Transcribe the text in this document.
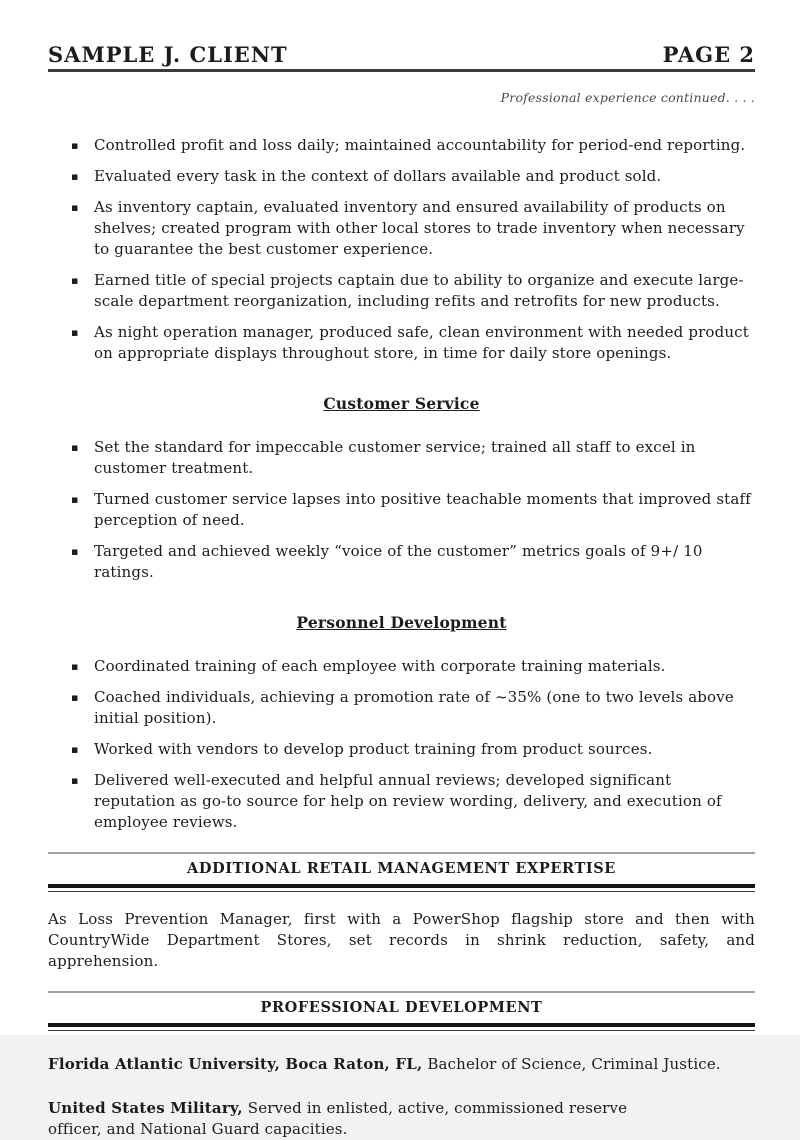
SAMPLE J. CLIENT	PAGE 2
Professional experience continued. . . .
▪ Controlled profit and loss daily; maintained accountability for period-end reporting.
▪ Evaluated every task in the context of dollars available and product sold.
▪ As inventory captain, evaluated inventory and ensured availability of products on shelves; created program with other local stores to trade inventory when necessary to guarantee the best customer experience.
▪ Earned title of special projects captain due to ability to organize and execute large-scale department reorganization, including refits and retrofits for new products.
▪ As night operation manager, produced safe, clean environment with needed product on appropriate displays throughout store, in time for daily store openings.
Customer Service
▪ Set the standard for impeccable customer service; trained all staff to excel in customer treatment.
▪ Turned customer service lapses into positive teachable moments that improved staff perception of need.
▪ Targeted and achieved weekly “voice of the customer” metrics goals of 9+/ 10 ratings.
Personnel Development
▪ Coordinated training of each employee with corporate training materials.
▪ Coached individuals, achieving a promotion rate of ~35% (one to two levels above initial position).
▪ Worked with vendors to develop product training from product sources.
▪ Delivered well-executed and helpful annual reviews; developed significant reputation as go-to source for help on review wording, delivery, and execution of employee reviews.
ADDITIONAL RETAIL MANAGEMENT EXPERTISE

As Loss Prevention Manager, first with a PowerShop flagship store and then with CountryWide Department Stores, set records in shrink reduction, safety, and apprehension.

PROFESSIONAL DEVELOPMENT

Florida Atlantic University, Boca Raton, FL, Bachelor of Science, Criminal Justice.

United States Military, Served in enlisted, active, commissioned reserve officer, and National Guard capacities.
